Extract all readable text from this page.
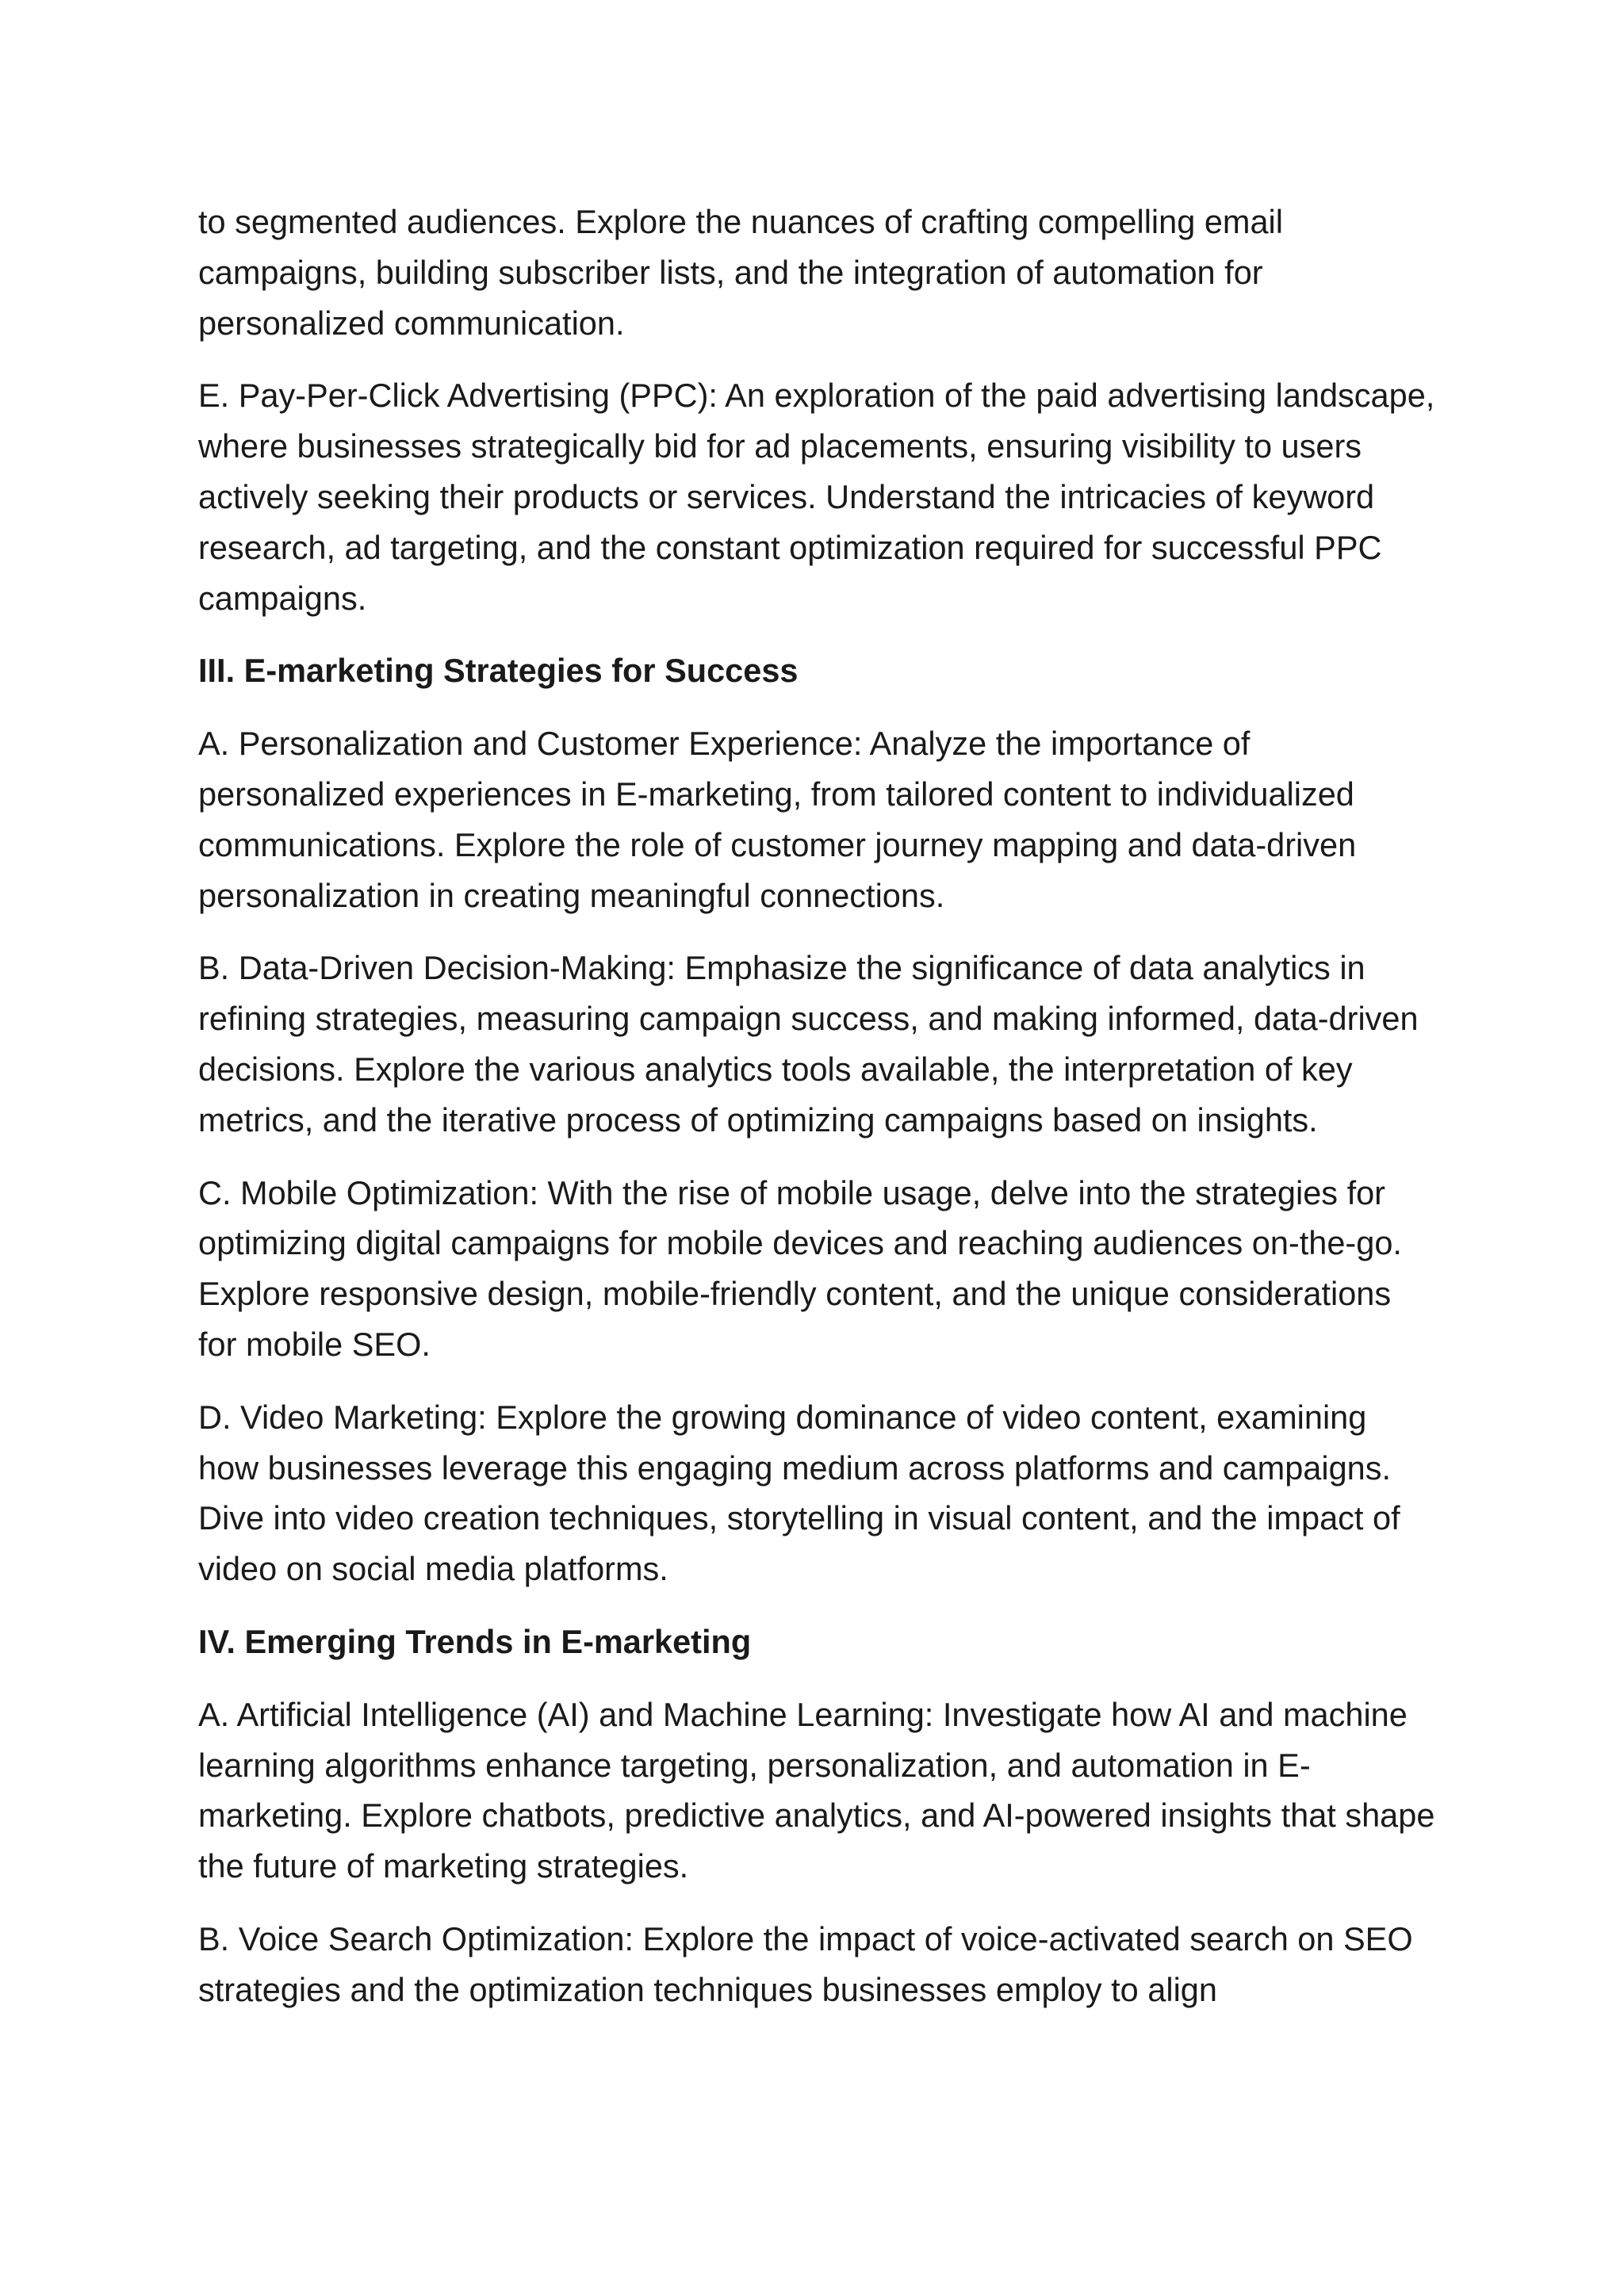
to segmented audiences. Explore the nuances of crafting compelling email campaigns, building subscriber lists, and the integration of automation for personalized communication.

E. Pay-Per-Click Advertising (PPC): An exploration of the paid advertising landscape, where businesses strategically bid for ad placements, ensuring visibility to users actively seeking their products or services. Understand the intricacies of keyword research, ad targeting, and the constant optimization required for successful PPC campaigns.

III. E-marketing Strategies for Success

A. Personalization and Customer Experience: Analyze the importance of personalized experiences in E-marketing, from tailored content to individualized communications. Explore the role of customer journey mapping and data-driven personalization in creating meaningful connections.

B. Data-Driven Decision-Making: Emphasize the significance of data analytics in refining strategies, measuring campaign success, and making informed, data-driven decisions. Explore the various analytics tools available, the interpretation of key metrics, and the iterative process of optimizing campaigns based on insights.

C. Mobile Optimization: With the rise of mobile usage, delve into the strategies for optimizing digital campaigns for mobile devices and reaching audiences on-the-go. Explore responsive design, mobile-friendly content, and the unique considerations for mobile SEO.

D. Video Marketing: Explore the growing dominance of video content, examining how businesses leverage this engaging medium across platforms and campaigns. Dive into video creation techniques, storytelling in visual content, and the impact of video on social media platforms.

IV. Emerging Trends in E-marketing

A. Artificial Intelligence (AI) and Machine Learning: Investigate how AI and machine learning algorithms enhance targeting, personalization, and automation in E-marketing. Explore chatbots, predictive analytics, and AI-powered insights that shape the future of marketing strategies.

B. Voice Search Optimization: Explore the impact of voice-activated search on SEO strategies and the optimization techniques businesses employ to align
